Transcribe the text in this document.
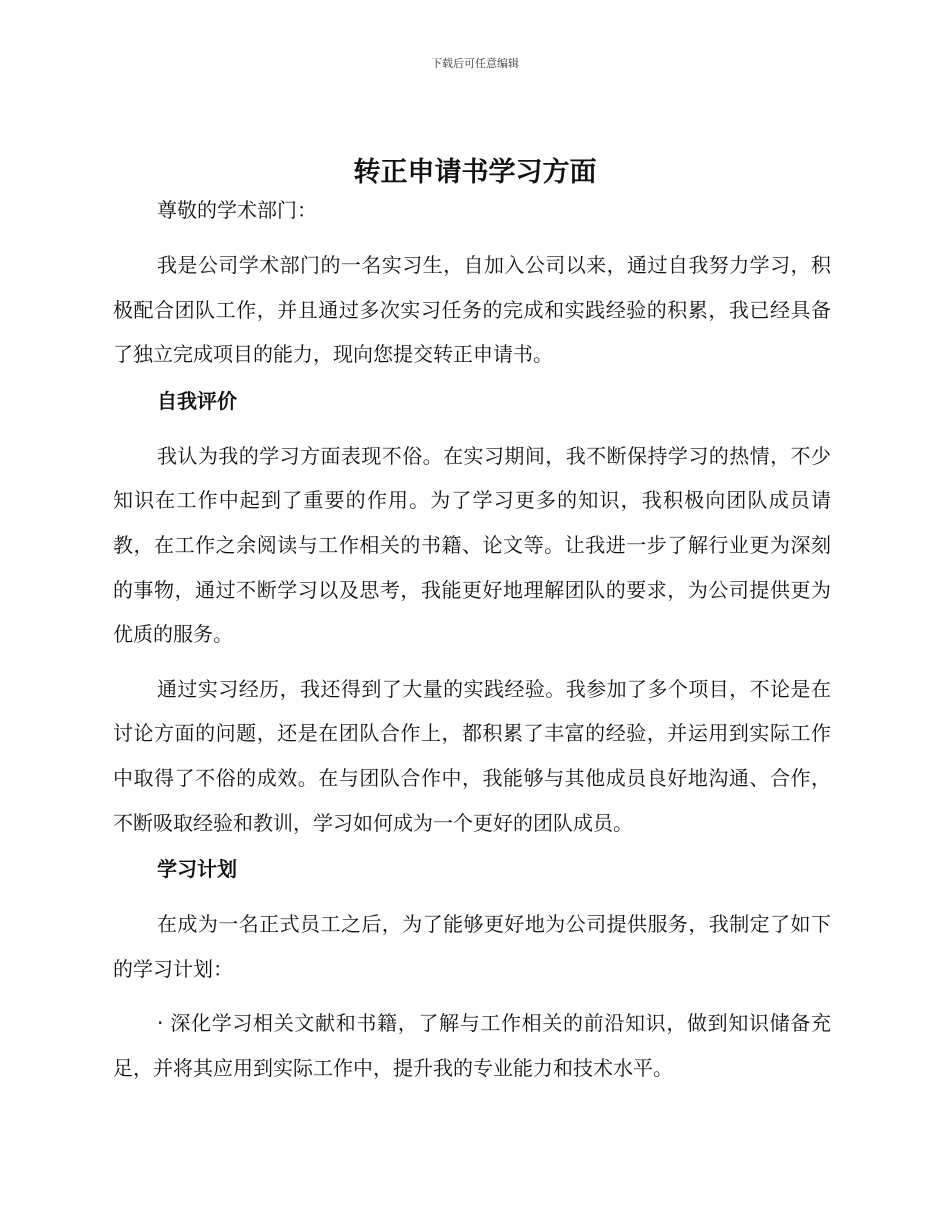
下载后可任意编辑
转正申请书学习方面

尊敬的学术部门：

我是公司学术部门的一名实习生，自加入公司以来，通过自我努力学习，积极配合团队工作，并且通过多次实习任务的完成和实践经验的积累，我已经具备了独立完成项目的能力，现向您提交转正申请书。

自我评价

我认为我的学习方面表现不俗。在实习期间，我不断保持学习的热情，不少知识在工作中起到了重要的作用。为了学习更多的知识，我积极向团队成员请教，在工作之余阅读与工作相关的书籍、论文等。让我进一步了解行业更为深刻的事物，通过不断学习以及思考，我能更好地理解团队的要求，为公司提供更为优质的服务。

通过实习经历，我还得到了大量的实践经验。我参加了多个项目，不论是在讨论方面的问题，还是在团队合作上，都积累了丰富的经验，并运用到实际工作中取得了不俗的成效。在与团队合作中，我能够与其他成员良好地沟通、合作，不断吸取经验和教训，学习如何成为一个更好的团队成员。

学习计划

在成为一名正式员工之后，为了能够更好地为公司提供服务，我制定了如下的学习计划：

· 深化学习相关文献和书籍，了解与工作相关的前沿知识，做到知识储备充足，并将其应用到实际工作中，提升我的专业能力和技术水平。
